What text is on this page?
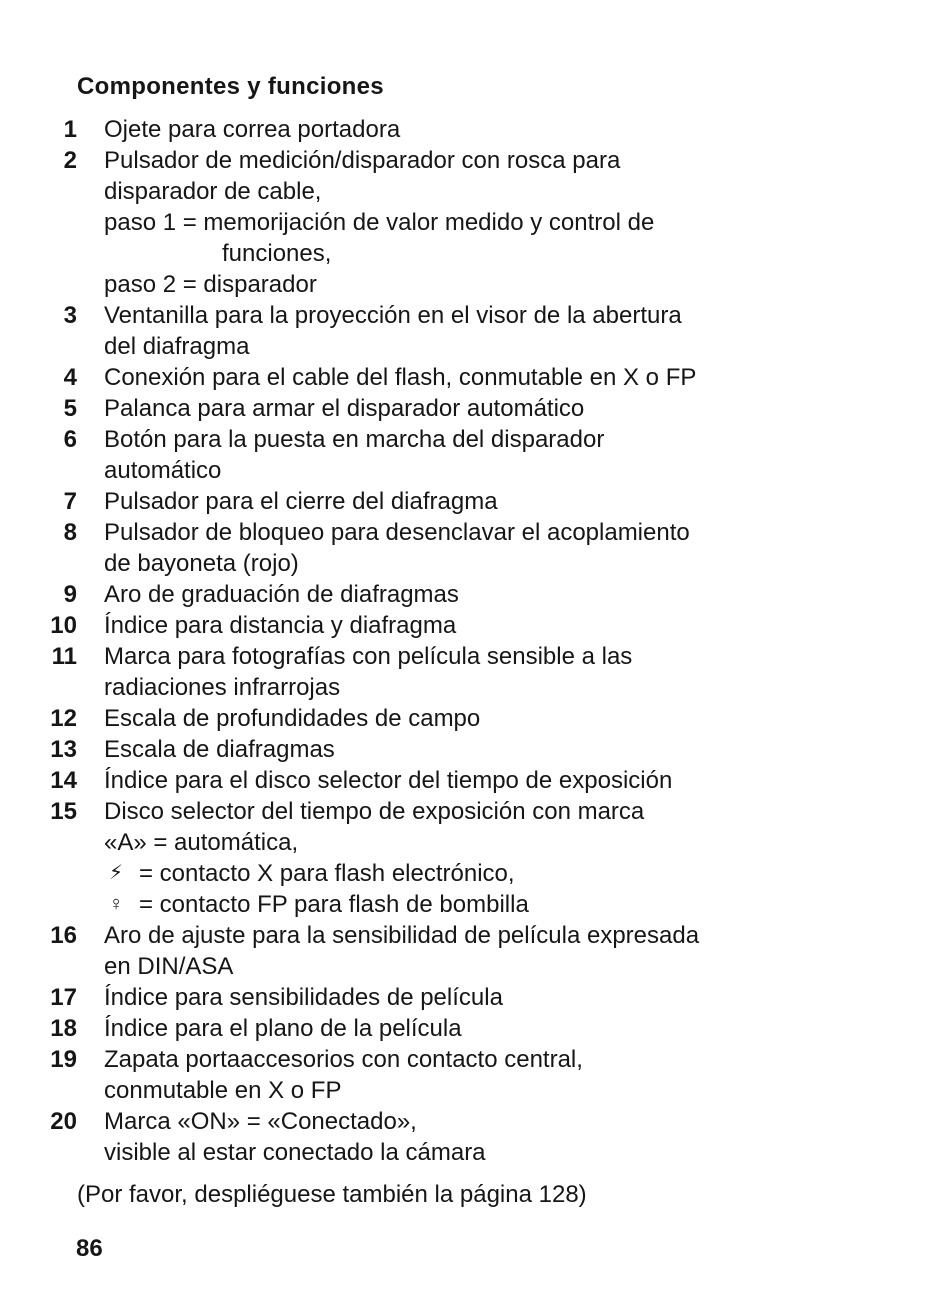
Componentes y funciones
1	Ojete para correa portadora
2	Pulsador de medición/disparador con rosca para
disparador de cable,
paso 1 = memorijación de valor medido y control de
funciones,
paso 2 = disparador
3	Ventanilla para la proyección en el visor de la abertura
del diafragma
4	Conexión para el cable del flash, conmutable en X o FP
5	Palanca para armar el disparador automático
6	Botón para la puesta en marcha del disparador
automático
7	Pulsador para el cierre del diafragma
8	Pulsador de bloqueo para desenclavar el acoplamiento
de bayoneta (rojo)
9	Aro de graduación de diafragmas
10	Índice para distancia y diafragma
11	Marca para fotografías con película sensible a las
radiaciones infrarrojas
12	Escala de profundidades de campo
13	Escala de diafragmas
14	Índice para el disco selector del tiempo de exposición
15	Disco selector del tiempo de exposición con marca
«A» = automática,
⚡ = contacto X para flash electrónico,
♀ = contacto FP para flash de bombilla
16	Aro de ajuste para la sensibilidad de película expresada
en DIN/ASA
17	Índice para sensibilidades de película
18	Índice para el plano de la película
19	Zapata portaaccesorios con contacto central,
conmutable en X o FP
20	Marca «ON» = «Conectado»,
visible al estar conectado la cámara
(Por favor, despliéguese también la página 128)
86
